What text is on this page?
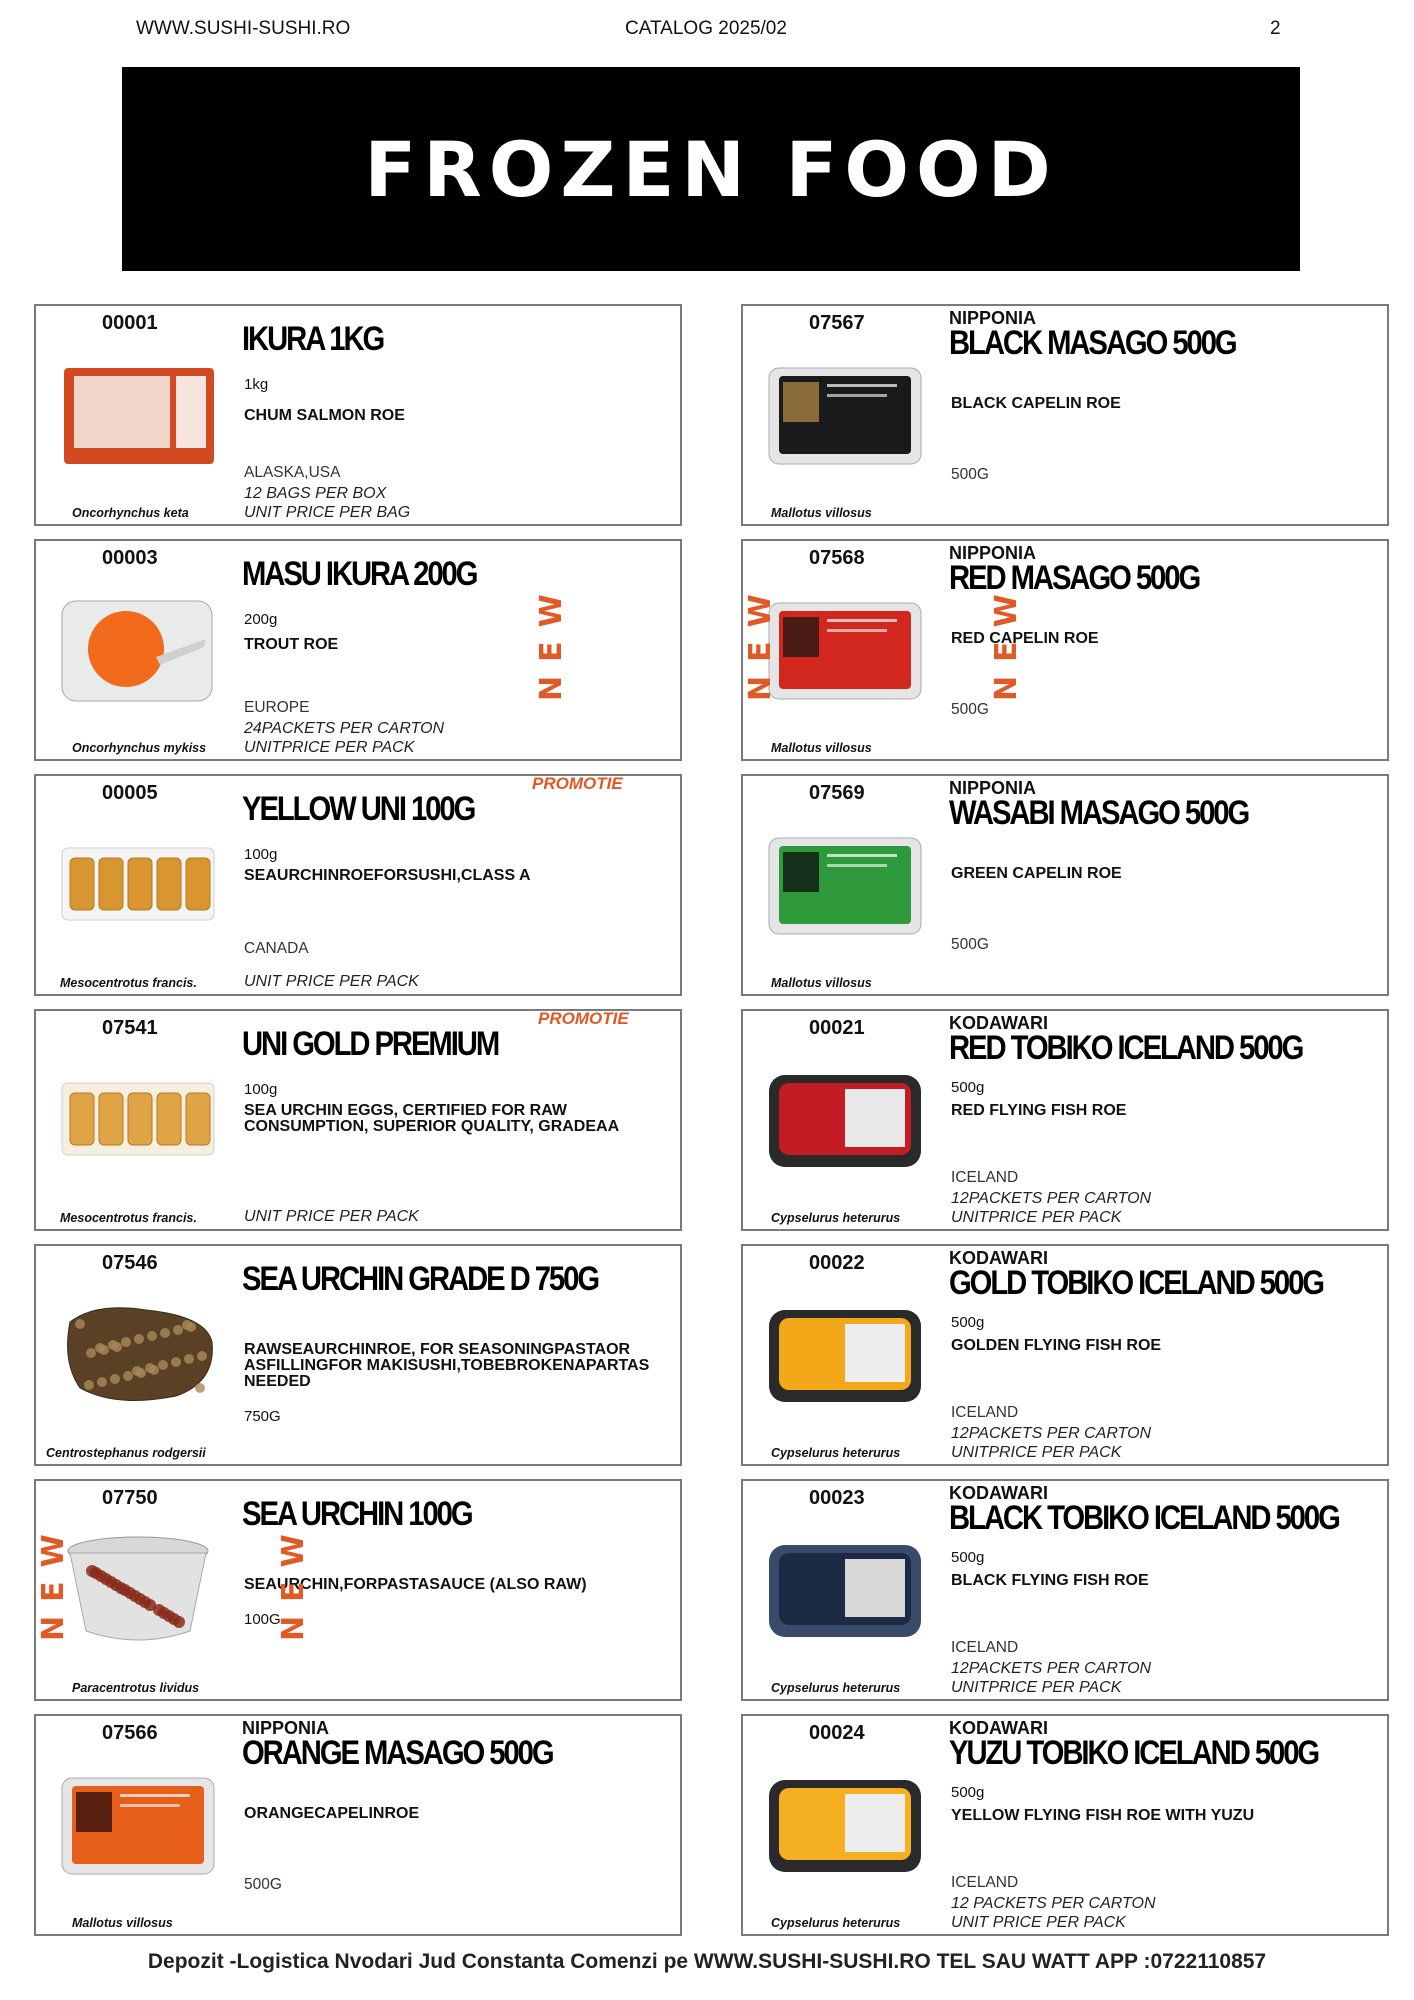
WWW.SUSHI-SUSHI.RO	CATALOG 2025/02	2
FROZEN FOOD
00001 IKURA 1KG
1kg
CHUM SALMON ROE
ALASKA,USA
12 BAGS PER BOX
UNIT PRICE PER BAG
Oncorhynchus keta
07567	NIPPONIA
BLACK MASAGO 500G
BLACK CAPELIN ROE
500G
Mallotus villosus
00003 MASU IKURA 200G
200g
TROUT ROE
EUROPE
24PACKETS PER CARTON
UNITPRICE PER PACK
Oncorhynchus mykiss
NEW
07568	NIPPONIA
RED MASAGO 500G
RED CAPELIN ROE
500G
Mallotus villosus
NEW	NEW
00005 YELLOW UNI 100G
100g
SEAURCHINROEFORSUSHI,CLASS A
CANADA
UNIT PRICE PER PACK
Mesocentrotus francis.
PROMOTIE	07569	NIPPONIA
WASABI MASAGO 500G
GREEN CAPELIN ROE
500G
Mallotus villosus
07541 UNI GOLD PREMIUM
100g
SEA URCHIN EGGS, CERTIFIED FOR RAW CONSUMPTION, SUPERIOR QUALITY, GRADEAA
UNIT PRICE PER PACK
Mesocentrotus francis.
PROMOTIE	00021	KODAWARI
RED TOBIKO ICELAND 500G
500g
RED FLYING FISH ROE
ICELAND
12PACKETS PER CARTON
UNITPRICE PER PACK
Cypselurus heterurus
07546 SEA URCHIN GRADE D 750G
750G
RAWSEAURCHINROE, FOR SEASONINGPASTAOR ASFILLINGFOR MAKISUSHI,TOBEBROKENAPARTAS NEEDED
Centrostephanus rodgersii
00022	KODAWARI
GOLD TOBIKO ICELAND 500G
500g
GOLDEN FLYING FISH ROE
ICELAND
12PACKETS PER CARTON
UNITPRICE PER PACK
Cypselurus heterurus
07750 SEA URCHIN 100G
100G
SEAURCHIN,FORPASTASAUCE (ALSO RAW)
Paracentrotus lividus
NEW	NEW
00023	KODAWARI
BLACK TOBIKO ICELAND 500G
500g
BLACK FLYING FISH ROE
ICELAND
12PACKETS PER CARTON
UNITPRICE PER PACK
Cypselurus heterurus
07566	NIPPONIA
ORANGE MASAGO 500G
ORANGECAPELINROE
500G
Mallotus villosus
00024	KODAWARI
YUZU TOBIKO ICELAND 500G
500g
YELLOW FLYING FISH ROE WITH YUZU
ICELAND
12 PACKETS PER CARTON
UNIT PRICE PER PACK
Cypselurus heterurus
Depozit -Logistica Nvodari Jud Constanta Comenzi pe WWW.SUSHI-SUSHI.RO TEL SAU WATT APP :0722110857
